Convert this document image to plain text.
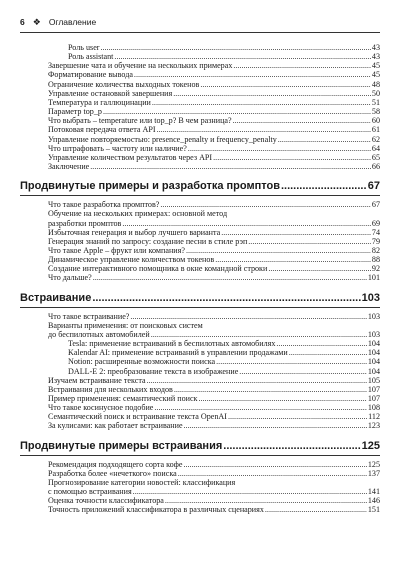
6 ❖ Оглавление
Роль user .....	43
Роль assistant .....	43
Завершение чата и обучение на нескольких примерах .....	45
Форматирование вывода .....	45
Ограничение количества выходных токенов .....	48
Управление остановкой завершения .....	50
Температура и галлюцинации .....	51
Параметр top_p .....	58
Что выбрать – temperature или top_p? В чем разница? .....	60
Потоковая передача ответа API .....	61
Управление повторяемостью: presence_penalty и frequency_penalty .....	62
Что штрафовать – частоту или наличие? .....	64
Управление количеством результатов через API .....	65
Заключение .....	66
Продвинутые примеры и разработка промптов .....	67
Что такое разработка промптов? .....	67
Обучение на нескольких примерах: основной метод
разработки промптов .....	69
Избыточная генерация и выбор лучшего варианта .....	74
Генерация знаний по запросу: создание песни в стиле рэп .....	79
Что такое Apple – фрукт или компания? .....	82
Динамическое управление количеством токенов .....	88
Создание интерактивного помощника в окне командной строки .....	92
Что дальше? .....	101
Встраивание .....	103
Что такое встраивание? .....	103
Варианты применения: от поисковых систем
до беспилотных автомобилей .....	103
Tesla: применение встраиваний в беспилотных автомобилях .....	104
Kalendar AI: применение встраиваний в управлении продажами .....	104
Notion: расширенные возможности поиска .....	104
DALL-E 2: преобразование текста в изображение .....	104
Изучаем встраивание текста .....	105
Встраивания для нескольких входов .....	107
Пример применения: семантический поиск .....	107
Что такое косинусное подобие .....	108
Семантический поиск и встраивание текста OpenAI .....	112
За кулисами: как работает встраивание .....	123
Продвинутые примеры встраивания .....	125
Рекомендация подходящего сорта кофе .....	125
Разработка более «нечеткого» поиска .....	137
Прогнозирование категории новостей: классификация
с помощью встраивания .....	141
Оценка точности классификатора .....	146
Точность приложений классификатора в различных сценариях .....	151
